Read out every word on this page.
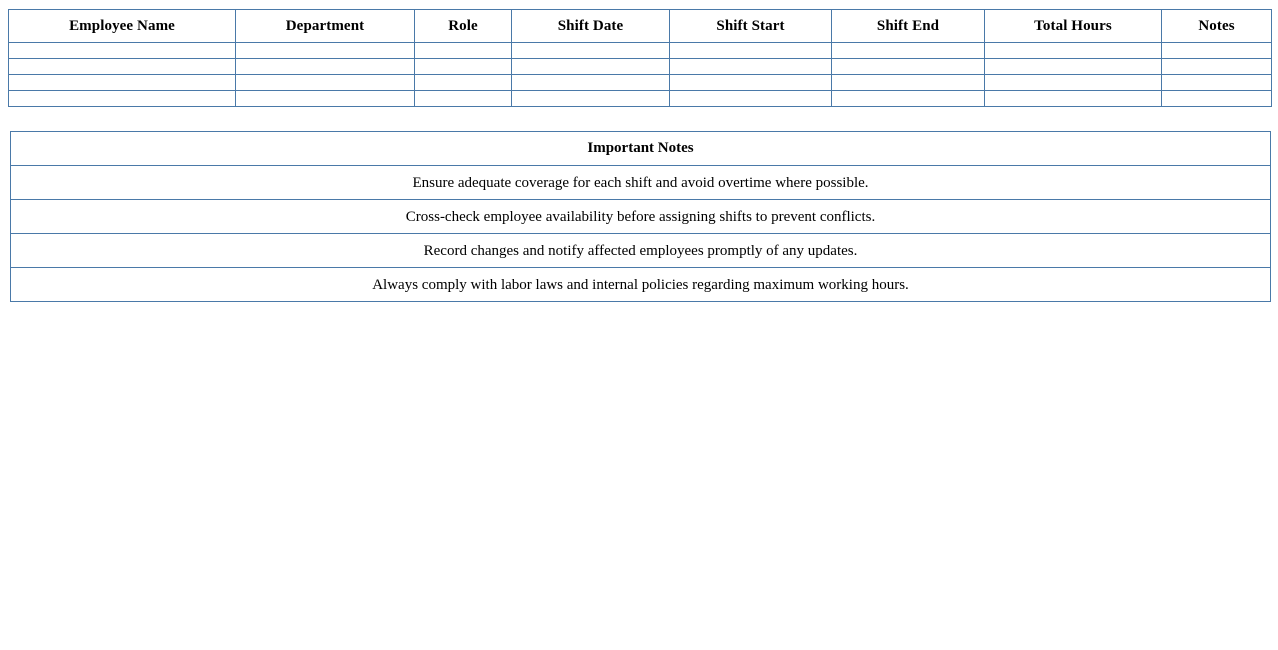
Employee Name	Department	Role	Shift Date	Shift Start	Shift End	Total Hours	Notes

Important Notes
Ensure adequate coverage for each shift and avoid overtime where possible.
Cross-check employee availability before assigning shifts to prevent conflicts.
Record changes and notify affected employees promptly of any updates.
Always comply with labor laws and internal policies regarding maximum working hours.
